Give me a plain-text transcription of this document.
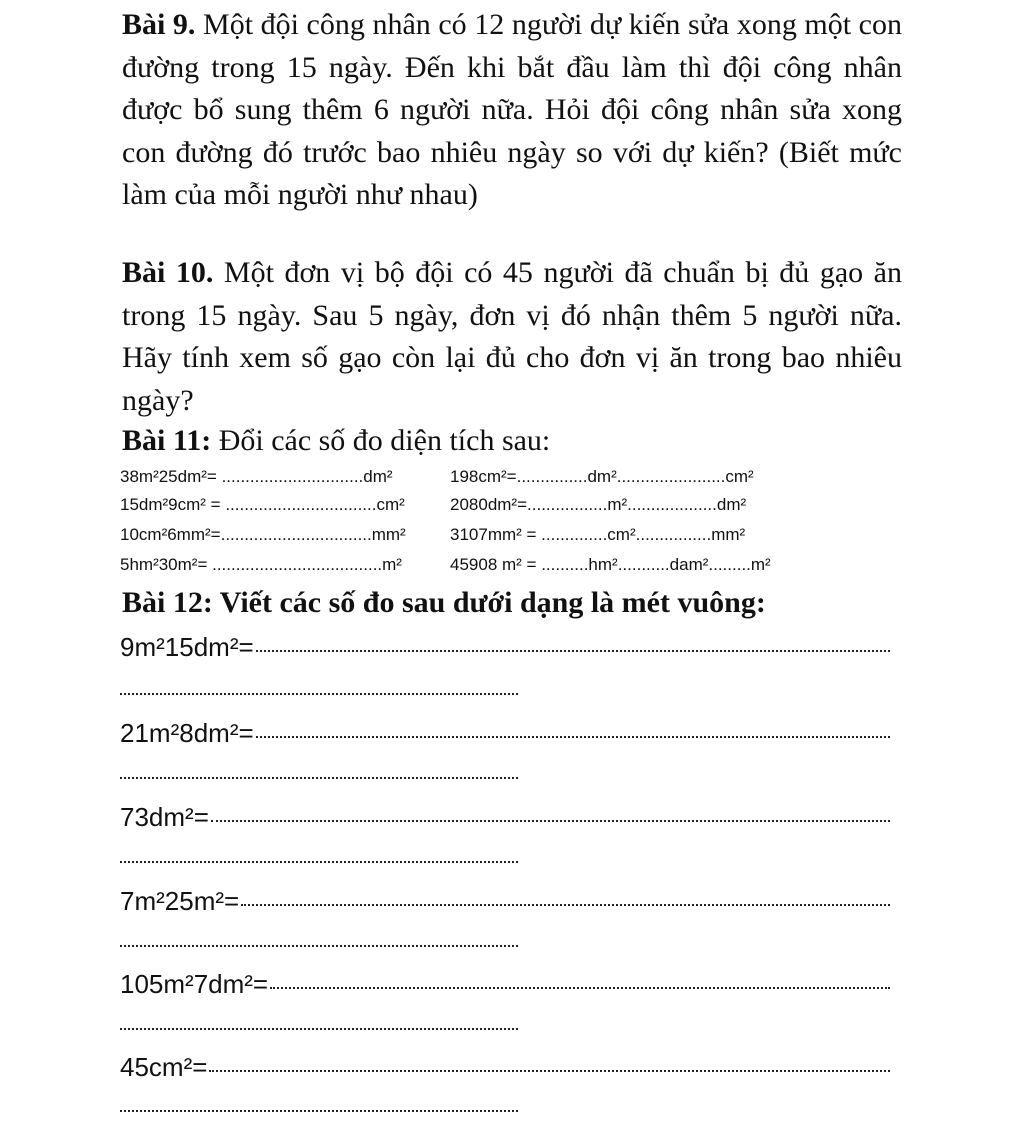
Bài 9. Một đội công nhân có 12 người dự kiến sửa xong một con đường trong 15 ngày. Đến khi bắt đầu làm thì đội công nhân được bổ sung thêm 6 người nữa. Hỏi đội công nhân sửa xong con đường đó trước bao nhiêu ngày so với dự kiến? (Biết mức làm của mỗi người như nhau)

Bài 10. Một đơn vị bộ đội có 45 người đã chuẩn bị đủ gạo ăn trong 15 ngày. Sau 5 ngày, đơn vị đó nhận thêm 5 người nữa. Hãy tính xem số gạo còn lại đủ cho đơn vị ăn trong bao nhiêu ngày?

Bài 11: Đổi các số đo diện tích sau:

38m²25dm²= ..............................dm²	198cm²=...............dm².......................cm²
15dm²9cm² = ................................cm²	2080dm²=.................m²...................dm²
10cm²6mm²=................................mm²	3107mm² = ..............cm²................mm²
5hm²30m²= ....................................m²	45908 m² = ..........hm²...........dam².........m²

Bài 12: Viết các số đo sau dưới dạng là mét vuông:

9m²15dm²=
21m²8dm²=
73dm²=
7m²25m²=
105m²7dm²=
45cm²=
